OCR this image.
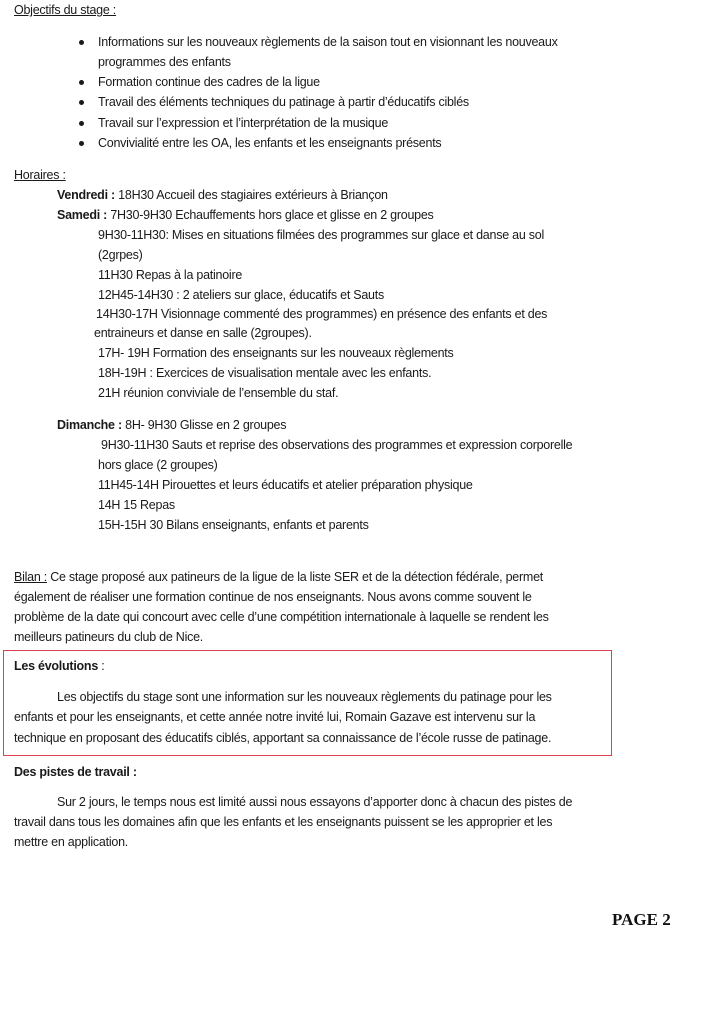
Objectifs du stage :
Informations sur les nouveaux règlements de la saison tout en visionnant les nouveaux
programmes des enfants
Formation continue des cadres de la ligue
Travail des éléments techniques du patinage à partir d’éducatifs ciblés
Travail sur l’expression et l’interprétation de la musique
Convivialité entre les OA, les enfants et les enseignants présents
Horaires :
Vendredi : 18H30 Accueil des stagiaires extérieurs à Briançon
Samedi : 7H30-9H30 Echauffements hors glace et glisse en 2 groupes
9H30-11H30: Mises en situations filmées des programmes sur glace et danse au sol
(2grpes)
11H30 Repas à la patinoire
12H45-14H30 : 2 ateliers sur glace, éducatifs et Sauts
14H30-17H Visionnage commenté des programmes) en présence des enfants et des
entraineurs et danse en salle (2groupes).
17H- 19H Formation des enseignants sur les nouveaux règlements
18H-19H : Exercices de visualisation mentale avec les enfants.
21H réunion conviviale de l’ensemble du staf.
Dimanche : 8H- 9H30 Glisse en 2 groupes
9H30-11H30 Sauts et reprise des observations des programmes et expression corporelle
hors glace (2 groupes)
11H45-14H Pirouettes et leurs éducatifs et atelier préparation physique
14H 15 Repas
15H-15H 30 Bilans enseignants, enfants et parents
Bilan : Ce stage proposé aux patineurs de la ligue de la liste SER et de la détection fédérale, permet
également de réaliser une formation continue de nos enseignants. Nous avons comme souvent le
problème de la date qui concourt avec celle d’une compétition internationale à laquelle se rendent les
meilleurs patineurs du club de Nice.
Les évolutions :
Les objectifs du stage sont une information sur les nouveaux règlements du patinage pour les
enfants et pour les enseignants, et cette année notre invité lui, Romain Gazave est intervenu sur la
technique en proposant des éducatifs ciblés, apportant sa connaissance de l’école russe de patinage.
Des pistes de travail :
Sur 2 jours, le temps nous est limité aussi nous essayons d’apporter donc à chacun des pistes de
travail dans tous les domaines afin que les enfants et les enseignants puissent se les approprier et les
mettre en application.
PAGE 2
